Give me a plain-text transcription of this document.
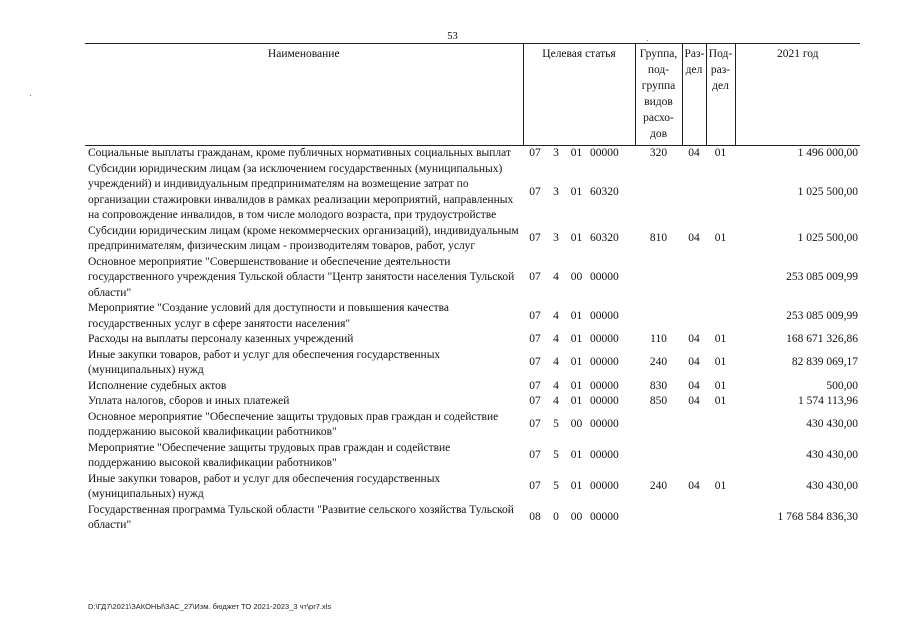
53
Наименование	Целевая статья				Группа, под- группа видов расхо- дов	Раз- дел	Под- раз- дел	2021 год
Социальные выплаты гражданам, кроме публичных нормативных социальных выплат	07	3	01	00000	320	04	01	1 496 000,00
Субсидии юридическим лицам (за исключением государственных (муниципальных) учреждений) и индивидуальным предпринимателям на возмещение затрат по организации стажировки инвалидов в рамках реализации мероприятий, направленных на сопровождение инвалидов, в том числе молодого возраста, при трудоустройстве	07	3	01	60320				1 025 500,00
Субсидии юридическим лицам (кроме некоммерческих организаций), индивидуальным предпринимателям, физическим лицам - производителям товаров, работ, услуг	07	3	01	60320	810	04	01	1 025 500,00
Основное мероприятие "Совершенствование и обеспечение деятельности государственного учреждения Тульской области "Центр занятости населения Тульской области"	07	4	00	00000				253 085 009,99
Мероприятие "Создание условий для доступности и повышения качества государственных услуг в сфере занятости населения"	07	4	01	00000				253 085 009,99
Расходы на выплаты персоналу казенных учреждений	07	4	01	00000	110	04	01	168 671 326,86
Иные закупки товаров, работ и услуг для обеспечения государственных (муниципальных) нужд	07	4	01	00000	240	04	01	82 839 069,17
Исполнение судебных актов	07	4	01	00000	830	04	01	500,00
Уплата налогов, сборов и иных платежей	07	4	01	00000	850	04	01	1 574 113,96
Основное мероприятие "Обеспечение защиты трудовых прав граждан и содействие поддержанию высокой квалификации работников"	07	5	00	00000				430 430,00
Мероприятие "Обеспечение защиты трудовых прав граждан и содействие поддержанию высокой квалификации работников"	07	5	01	00000				430 430,00
Иные закупки товаров, работ и услуг для обеспечения государственных (муниципальных) нужд	07	5	01	00000	240	04	01	430 430,00
Государственная программа Тульской области "Развитие сельского хозяйства Тульской области"	08	0	00	00000				1 768 584 836,30
D:\ГД7\2021\ЗАКОНЫ\ЗАС_27\Изм. бюджет ТО 2021-2023_3 чт\pr7.xls
